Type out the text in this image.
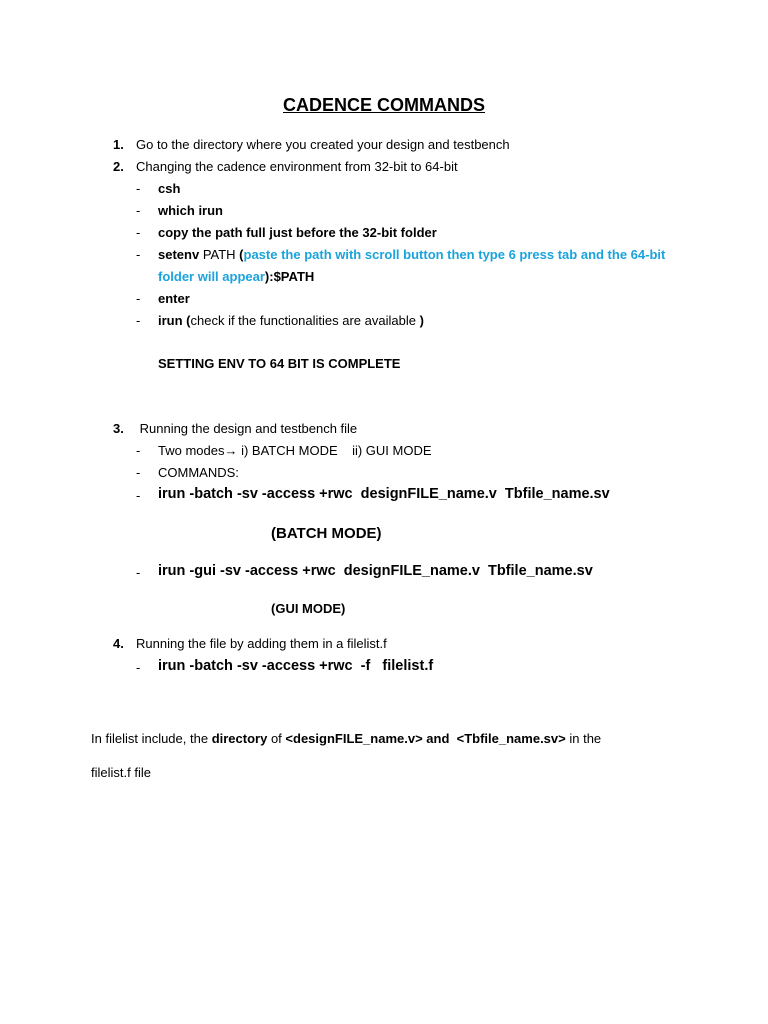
CADENCE COMMANDS
1. Go to the directory where you created your design and testbench
2. Changing the cadence environment from 32-bit to 64-bit
- csh
- which irun
- copy the path full just before the 32-bit folder
- setenv PATH (paste the path with scroll button then type 6 press tab and the 64-bit
folder will appear):$PATH
- enter
- irun (check if the functionalities are available )
SETTING ENV TO 64 BIT IS COMPLETE
3. Running the design and testbench file
- Two modes→ i) BATCH MODE    ii) GUI MODE
- COMMANDS:
- irun -batch -sv -access +rwc  designFILE_name.v  Tbfile_name.sv
(BATCH MODE)
- irun -gui -sv -access +rwc  designFILE_name.v  Tbfile_name.sv
(GUI MODE)
4. Running the file by adding them in a filelist.f
- irun -batch -sv -access +rwc  -f   filelist.f
In filelist include, the directory of <designFILE_name.v> and  <Tbfile_name.sv> in the
filelist.f file
